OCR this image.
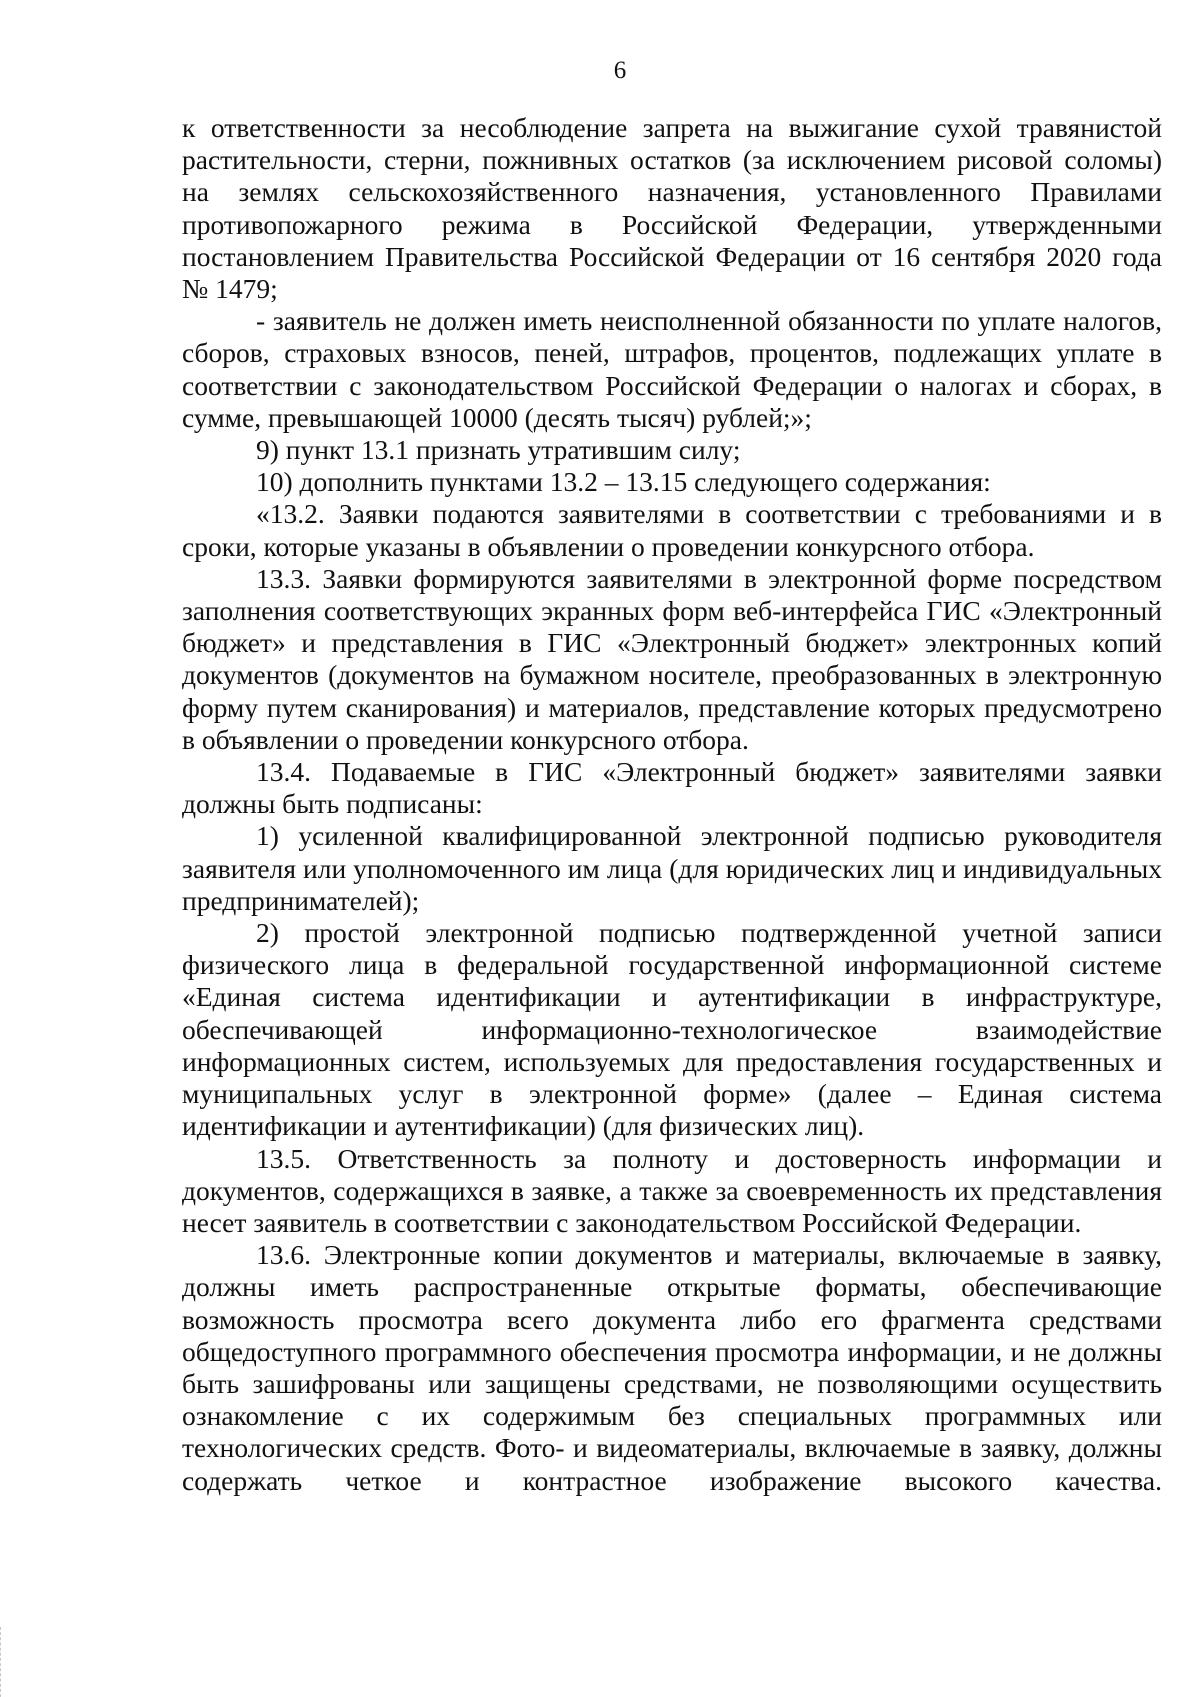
6

к ответственности за несоблюдение запрета на выжигание сухой травянистой растительности, стерни, пожнивных остатков (за исключением рисовой соломы) на землях сельскохозяйственного назначения, установленного Правилами противопожарного режима в Российской Федерации, утвержденными постановлением Правительства Российской Федерации от 16 сентября 2020 года № 1479;

- заявитель не должен иметь неисполненной обязанности по уплате налогов, сборов, страховых взносов, пеней, штрафов, процентов, подлежащих уплате в соответствии с законодательством Российской Федерации о налогах и сборах, в сумме, превышающей 10000 (десять тысяч) рублей;»;

9) пункт 13.1 признать утратившим силу;

10) дополнить пунктами 13.2 – 13.15 следующего содержания:

«13.2. Заявки подаются заявителями в соответствии с требованиями и в сроки, которые указаны в объявлении о проведении конкурсного отбора.

13.3. Заявки формируются заявителями в электронной форме посредством заполнения соответствующих экранных форм веб-интерфейса ГИС «Электронный бюджет» и представления в ГИС «Электронный бюджет» электронных копий документов (документов на бумажном носителе, преобразованных в электронную форму путем сканирования) и материалов, представление которых предусмотрено в объявлении о проведении конкурсного отбора.

13.4. Подаваемые в ГИС «Электронный бюджет» заявителями заявки должны быть подписаны:

1) усиленной квалифицированной электронной подписью руководителя заявителя или уполномоченного им лица (для юридических лиц и индивидуальных предпринимателей);

2) простой электронной подписью подтвержденной учетной записи физического лица в федеральной государственной информационной системе «Единая система идентификации и аутентификации в инфраструктуре, обеспечивающей информационно-технологическое взаимодействие информационных систем, используемых для предоставления государственных и муниципальных услуг в электронной форме» (далее – Единая система идентификации и аутентификации) (для физических лиц).

13.5. Ответственность за полноту и достоверность информации и документов, содержащихся в заявке, а также за своевременность их представления несет заявитель в соответствии с законодательством Российской Федерации.

13.6. Электронные копии документов и материалы, включаемые в заявку, должны иметь распространенные открытые форматы, обеспечивающие возможность просмотра всего документа либо его фрагмента средствами общедоступного программного обеспечения просмотра информации, и не должны быть зашифрованы или защищены средствами, не позволяющими осуществить ознакомление с их содержимым без специальных программных или технологических средств. Фото- и видеоматериалы, включаемые в заявку, должны содержать четкое и контрастное изображение высокого качества.
